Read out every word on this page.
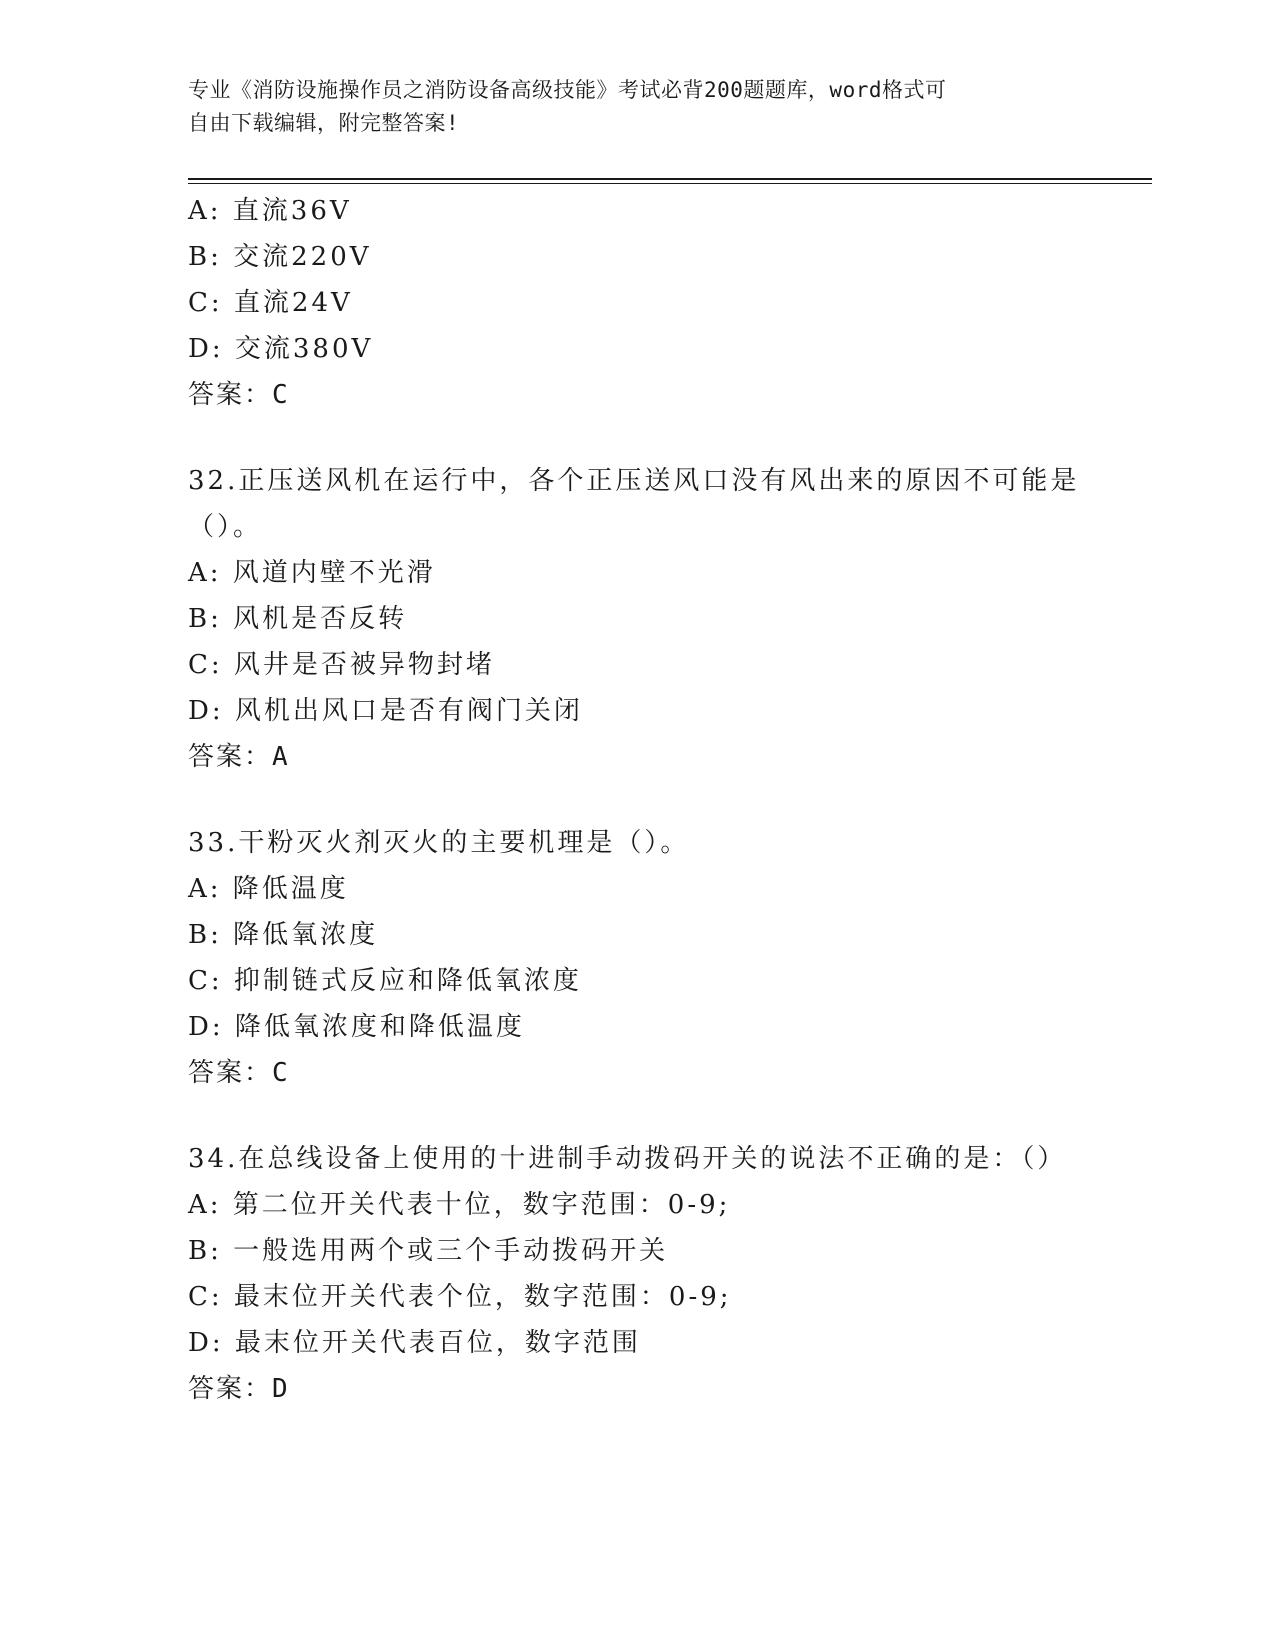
专业《消防设施操作员之消防设备高级技能》考试必背200题题库，word格式可
自由下载编辑，附完整答案!
A: 直流36V
B: 交流220V
C: 直流24V
D: 交流380V
答案：C
32.正压送风机在运行中，各个正压送风口没有风出来的原因不可能是（）。
A: 风道内壁不光滑
B: 风机是否反转
C: 风井是否被异物封堵
D: 风机出风口是否有阀门关闭
答案：A
33.干粉灭火剂灭火的主要机理是（）。
A: 降低温度
B: 降低氧浓度
C: 抑制链式反应和降低氧浓度
D: 降低氧浓度和降低温度
答案：C
34.在总线设备上使用的十进制手动拨码开关的说法不正确的是：（）
A: 第二位开关代表十位，数字范围：0-9;
B: 一般选用两个或三个手动拨码开关
C: 最末位开关代表个位，数字范围：0-9;
D: 最末位开关代表百位，数字范围
答案：D
